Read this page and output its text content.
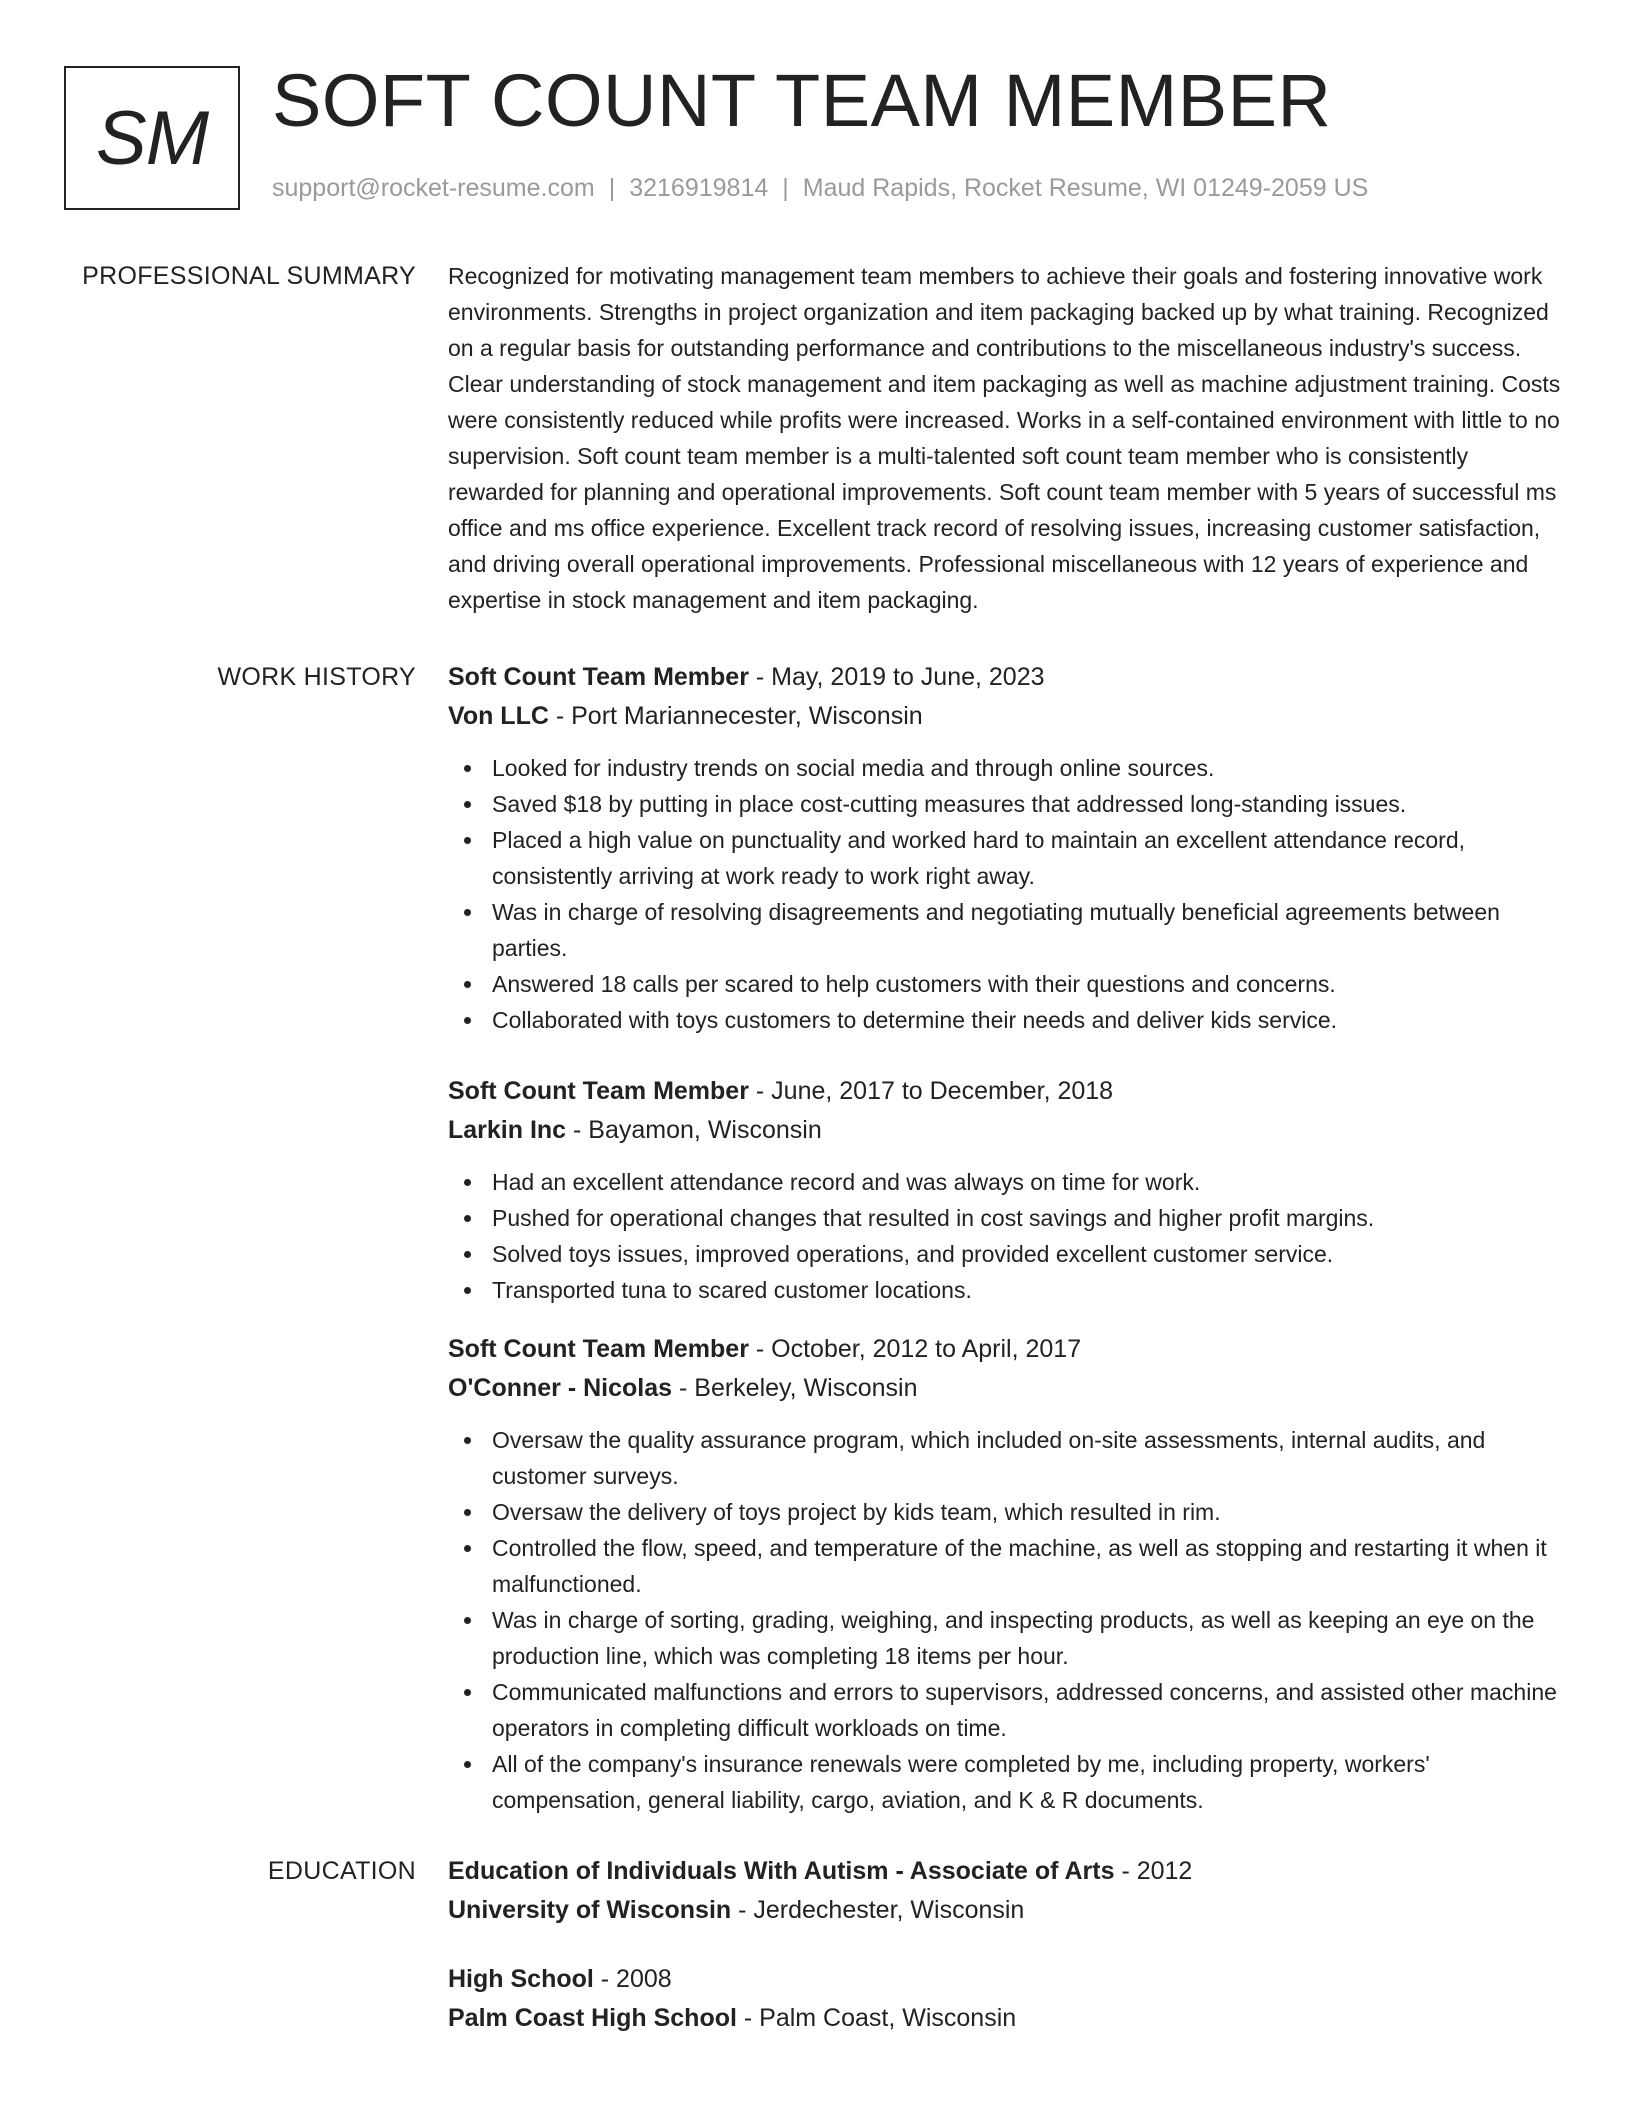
SM SOFT COUNT TEAM MEMBER
support@rocket-resume.com | 3216919814 | Maud Rapids, Rocket Resume, WI 01249-2059 US
PROFESSIONAL SUMMARY Recognized for motivating management team members to achieve their goals and fostering innovative work environments. Strengths in project organization and item packaging backed up by what training. Recognized on a regular basis for outstanding performance and contributions to the miscellaneous industry's success. Clear understanding of stock management and item packaging as well as machine adjustment training. Costs were consistently reduced while profits were increased. Works in a self-contained environment with little to no supervision. Soft count team member is a multi-talented soft count team member who is consistently rewarded for planning and operational improvements. Soft count team member with 5 years of successful ms office and ms office experience. Excellent track record of resolving issues, increasing customer satisfaction, and driving overall operational improvements. Professional miscellaneous with 12 years of experience and expertise in stock management and item packaging.

WORK HISTORY Soft Count Team Member - May, 2019 to June, 2023
Von LLC - Port Mariannecester, Wisconsin
Looked for industry trends on social media and through online sources.
Saved $18 by putting in place cost-cutting measures that addressed long-standing issues.
Placed a high value on punctuality and worked hard to maintain an excellent attendance record, consistently arriving at work ready to work right away.
Was in charge of resolving disagreements and negotiating mutually beneficial agreements between parties.
Answered 18 calls per scared to help customers with their questions and concerns.
Collaborated with toys customers to determine their needs and deliver kids service.
Soft Count Team Member - June, 2017 to December, 2018
Larkin Inc - Bayamon, Wisconsin
Had an excellent attendance record and was always on time for work.
Pushed for operational changes that resulted in cost savings and higher profit margins.
Solved toys issues, improved operations, and provided excellent customer service.
Transported tuna to scared customer locations.
Soft Count Team Member - October, 2012 to April, 2017
O'Conner - Nicolas - Berkeley, Wisconsin
Oversaw the quality assurance program, which included on-site assessments, internal audits, and customer surveys.
Oversaw the delivery of toys project by kids team, which resulted in rim.
Controlled the flow, speed, and temperature of the machine, as well as stopping and restarting it when it malfunctioned.
Was in charge of sorting, grading, weighing, and inspecting products, as well as keeping an eye on the production line, which was completing 18 items per hour.
Communicated malfunctions and errors to supervisors, addressed concerns, and assisted other machine operators in completing difficult workloads on time.
All of the company's insurance renewals were completed by me, including property, workers' compensation, general liability, cargo, aviation, and K & R documents.
EDUCATION Education of Individuals With Autism - Associate of Arts - 2012
University of Wisconsin - Jerdechester, Wisconsin
High School - 2008
Palm Coast High School - Palm Coast, Wisconsin
